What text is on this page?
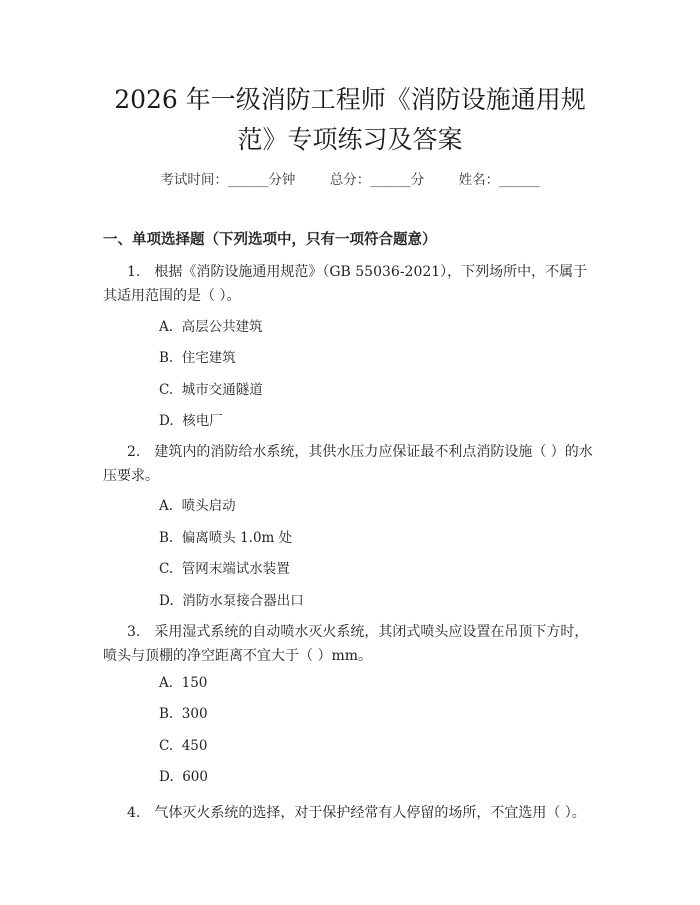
2026 年一级消防工程师《消防设施通用规
范》专项练习及答案
考试时间：______分钟	总分：______分	姓名：______
一、单项选择题（下列选项中，只有一项符合题意）
1.　根据《消防设施通用规范》（GB 55036-2021），下列场所中，不属于其适用范围的是（ ）。
A.  高层公共建筑
B.  住宅建筑
C.  城市交通隧道
D.  核电厂
2.　建筑内的消防给水系统，其供水压力应保证最不利点消防设施（ ）的水压要求。
A.  喷头启动
B.  偏离喷头 1.0m 处
C.  管网末端试水装置
D.  消防水泵接合器出口
3.　采用湿式系统的自动喷水灭火系统，其闭式喷头应设置在吊顶下方时，喷头与顶棚的净空距离不宜大于（ ）mm。
A.  150
B.  300
C.  450
D.  600
4.　气体灭火系统的选择，对于保护经常有人停留的场所，不宜选用（ ）。
